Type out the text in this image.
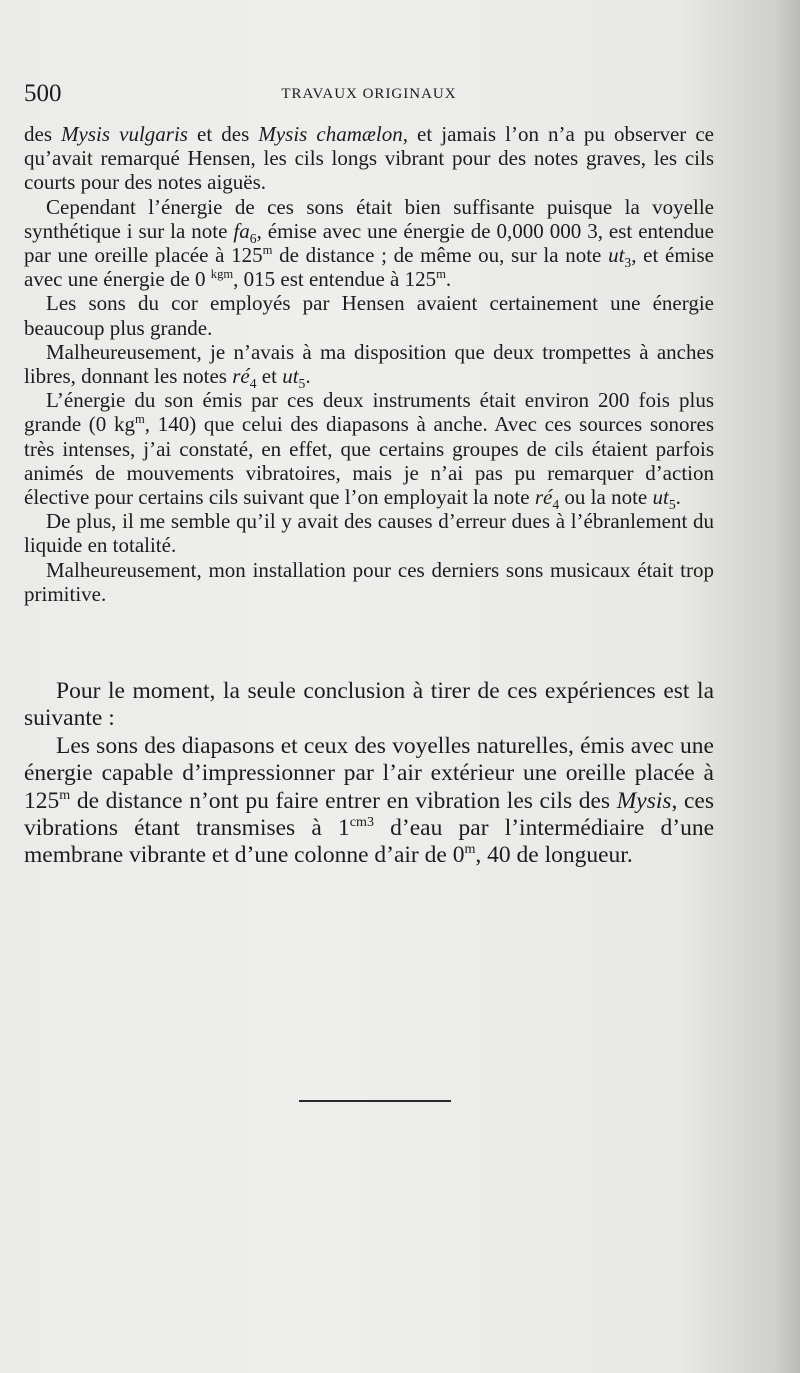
500	TRAVAUX ORIGINAUX

des Mysis vulgaris et des Mysis chamælon, et jamais l’on n’a pu observer ce qu’avait remarqué Hensen, les cils longs vibrant pour des notes graves, les cils courts pour des notes aiguës.

Cependant l’énergie de ces sons était bien suffisante puisque la voyelle synthétique i sur la note $fa_6$, émise avec une énergie de 0,000 000 3, est entendue par une oreille placée à 125$^m$ de distance ; de même ou, sur la note $ut_3$, et émise avec une énergie de 0 $^{kgm}$, 015 est entendue à 125$^m$.

Les sons du cor employés par Hensen avaient certainement une énergie beaucoup plus grande.

Malheureusement, je n’avais à ma disposition que deux trompettes à anches libres, donnant les notes $ré_4$ et $ut_5$.

L’énergie du son émis par ces deux instruments était environ 200 fois plus grande (0 $kg^m$, 140) que celui des diapasons à anche. Avec ces sources sonores très intenses, j’ai constaté, en effet, que certains groupes de cils étaient parfois animés de mouvements vibratoires, mais je n’ai pas pu remarquer d’action élective pour certains cils suivant que l’on employait la note $ré_4$ ou la note $ut_5$.

De plus, il me semble qu’il y avait des causes d’erreur dues à l’ébranlement du liquide en totalité.

Malheureusement, mon installation pour ces derniers sons musicaux était trop primitive.

Pour le moment, la seule conclusion à tirer de ces expériences est la suivante :

Les sons des diapasons et ceux des voyelles naturelles, émis avec une énergie capable d’impressionner par l’air extérieur une oreille placée à 125$^m$ de distance n’ont pu faire entrer en vibration les cils des Mysis, ces vibrations étant transmises à $1^{cm3}$ d’eau par l’intermédiaire d’une membrane vibrante et d’une colonne d’air de 0$^m$, 40 de longueur.
